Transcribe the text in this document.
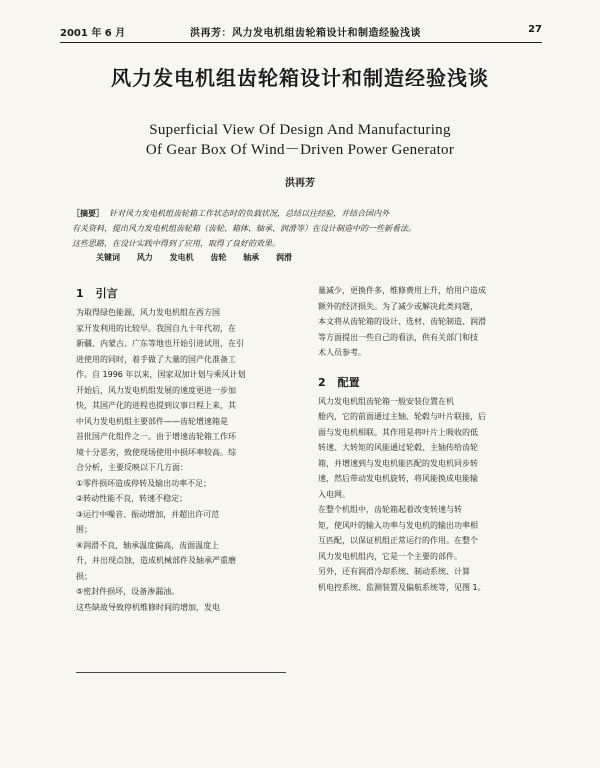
2001 年 6 月	洪再芳：风力发电机组齿轮箱设计和制造经验浅谈	27
风力发电机组齿轮箱设计和制造经验浅谈
Superficial View Of Design And Manufacturing
Of Gear Box Of Wind－Driven Power Generator
洪再芳
［摘要］ 针对风力发电机组齿轮箱工作状态时的负载状况，总结以往经验，并结合国内外
有关资料，提出风力发电机组齿轮箱（齿轮、箱体、轴承、润滑等）在设计制造中的一些新看法。
这些思路，在设计实践中得到了应用，取得了良好的效果。
关键词 风力 发电机 齿轮 轴承 润滑
1 引言
为取得绿色能源，风力发电机组在西方国
家开发利用的比较早。我国自九十年代初，在
新疆、内蒙古、广东等地也开始引进试用，在引
进使用的同时，着手做了大量的国产化准备工
作。自 1996 年以来，国家双加计划与乘风计划
开始后，风力发电机组发展的速度更进一步加
快，其国产化的进程也提到议事日程上来，其
中风力发电机组主要部件——齿轮增速箱是
首批国产化组件之一。由于增速齿轮箱工作环
境十分恶劣，致使现场使用中损坏率较高。综
合分析，主要反映以下几方面：
①零件损坏造成停转及输出功率不足；
②转动性能不良，转速不稳定；
③运行中噪音、振动增加，并超出许可范
围；
④润滑不良，轴承温度偏高，齿面温度上
升，并出现点蚀，造成机械部件及轴承严重磨
损；
⑤密封件损坏，设备渗漏油。
这些缺故导致停机维修时间的增加，发电
量减少，更换件多，维修费用上升，给用户造成
额外的经济损失。为了减少或解决此类问题，
本文将从齿轮箱的设计、选材、齿轮制造、润滑
等方面提出一些自己的看法，供有关部门和技
术人员参考。
2 配置
风力发电机组齿轮箱一般安装位置在机
舱内，它的前面通过主轴、轮毂与叶片联接，后
面与发电机相联。其作用是将叶片上吸收的低
转速、大转矩的风能通过轮毂、主轴传给齿轮
箱，并增速到与发电机能匹配的发电机同步转
速，然后带动发电机旋转，将风能换成电能输
入电网。
在整个机组中，齿轮箱起着改变转速与转
矩，使风叶的输入功率与发电机的输出功率相
互匹配，以保证机组正常运行的作用。在整个
风力发电机组内，它是一个主要的部件。
另外，还有润滑冷却系统、制动系统、计算
机电控系统、监测装置及偏航系统等，见图 1。
